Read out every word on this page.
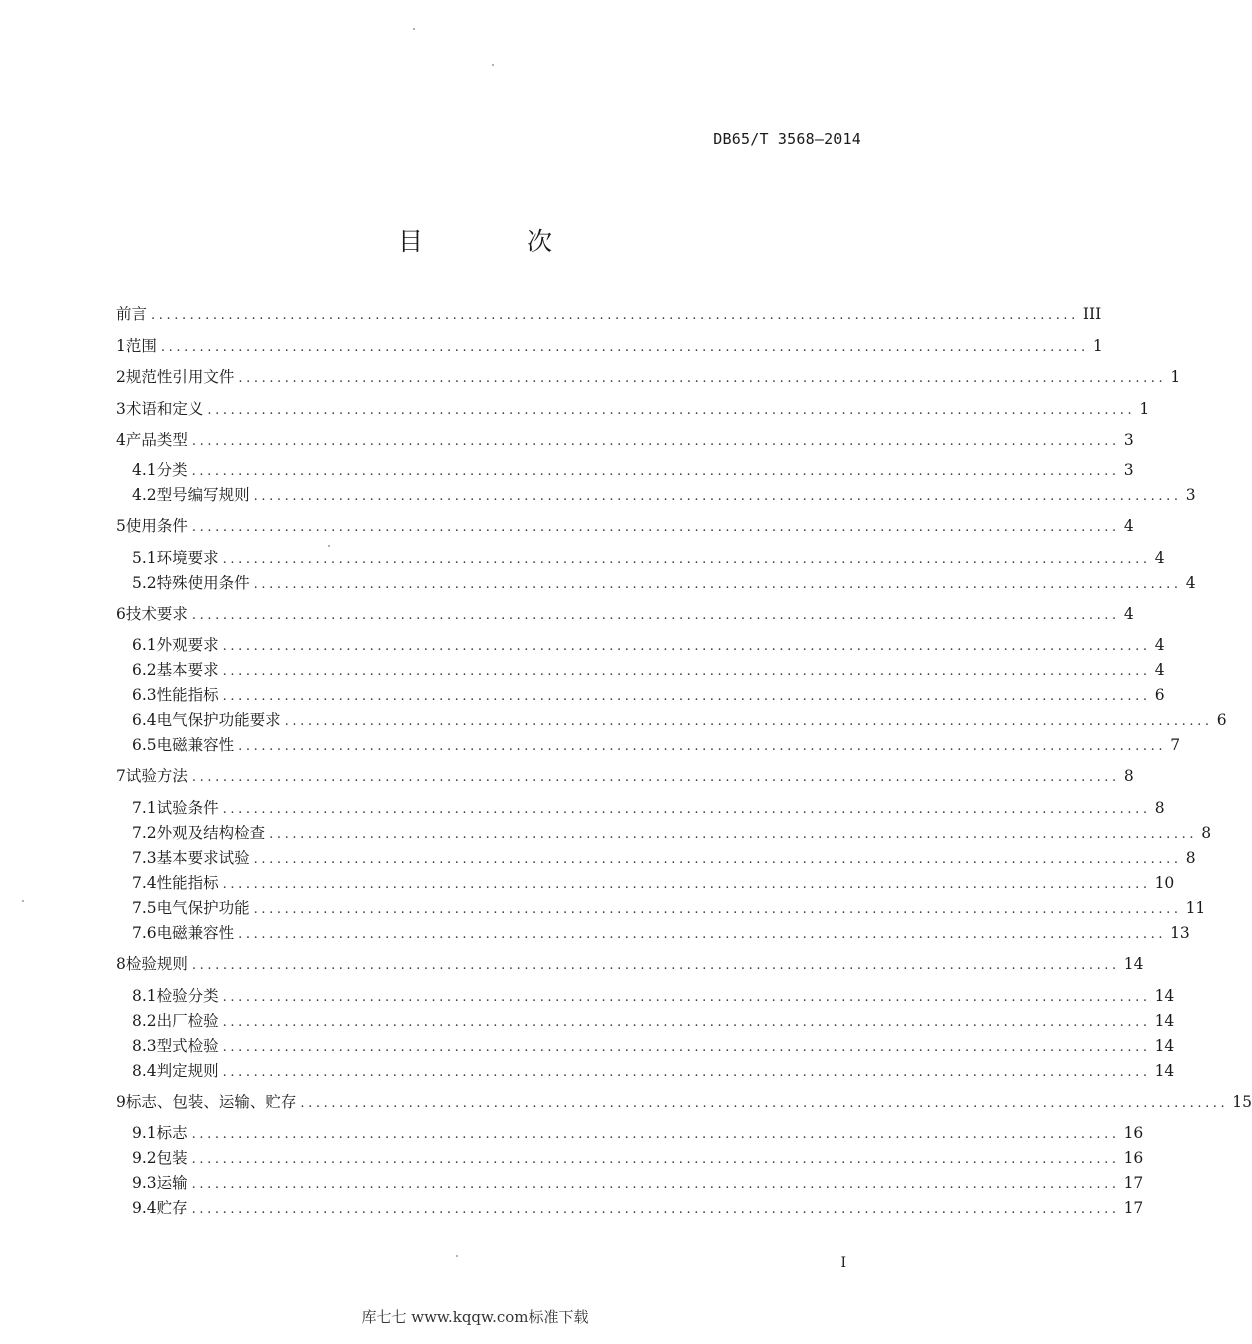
DB65/T 3568—2014
目 次
前言 ........................................................................................................................ III
1 范围 ........................................................................................................................ 1
2 规范性引用文件 ........................................................................................................................ 1
3 术语和定义 ........................................................................................................................ 1
4 产品类型 ........................................................................................................................ 3
4.1 分类 ........................................................................................................................ 3
4.2 型号编写规则 ........................................................................................................................ 3
5 使用条件 ........................................................................................................................ 4
5.1 环境要求 ........................................................................................................................ 4
5.2 特殊使用条件 ........................................................................................................................ 4
6 技术要求 ........................................................................................................................ 4
6.1 外观要求 ........................................................................................................................ 4
6.2 基本要求 ........................................................................................................................ 4
6.3 性能指标 ........................................................................................................................ 6
6.4 电气保护功能要求 ........................................................................................................................ 6
6.5 电磁兼容性 ........................................................................................................................ 7
7 试验方法 ........................................................................................................................ 8
7.1 试验条件 ........................................................................................................................ 8
7.2 外观及结构检查 ........................................................................................................................ 8
7.3 基本要求试验 ........................................................................................................................ 8
7.4 性能指标 ........................................................................................................................ 10
7.5 电气保护功能 ........................................................................................................................ 11
7.6 电磁兼容性 ........................................................................................................................ 13
8 检验规则 ........................................................................................................................ 14
8.1 检验分类 ........................................................................................................................ 14
8.2 出厂检验 ........................................................................................................................ 14
8.3 型式检验 ........................................................................................................................ 14
8.4 判定规则 ........................................................................................................................ 14
9 标志、包装、运输、贮存 ........................................................................................................................ 15
9.1 标志 ........................................................................................................................ 16
9.2 包装 ........................................................................................................................ 16
9.3 运输 ........................................................................................................................ 17
9.4 贮存 ........................................................................................................................ 17
I
库七七 www.kqqw.com标准下载
